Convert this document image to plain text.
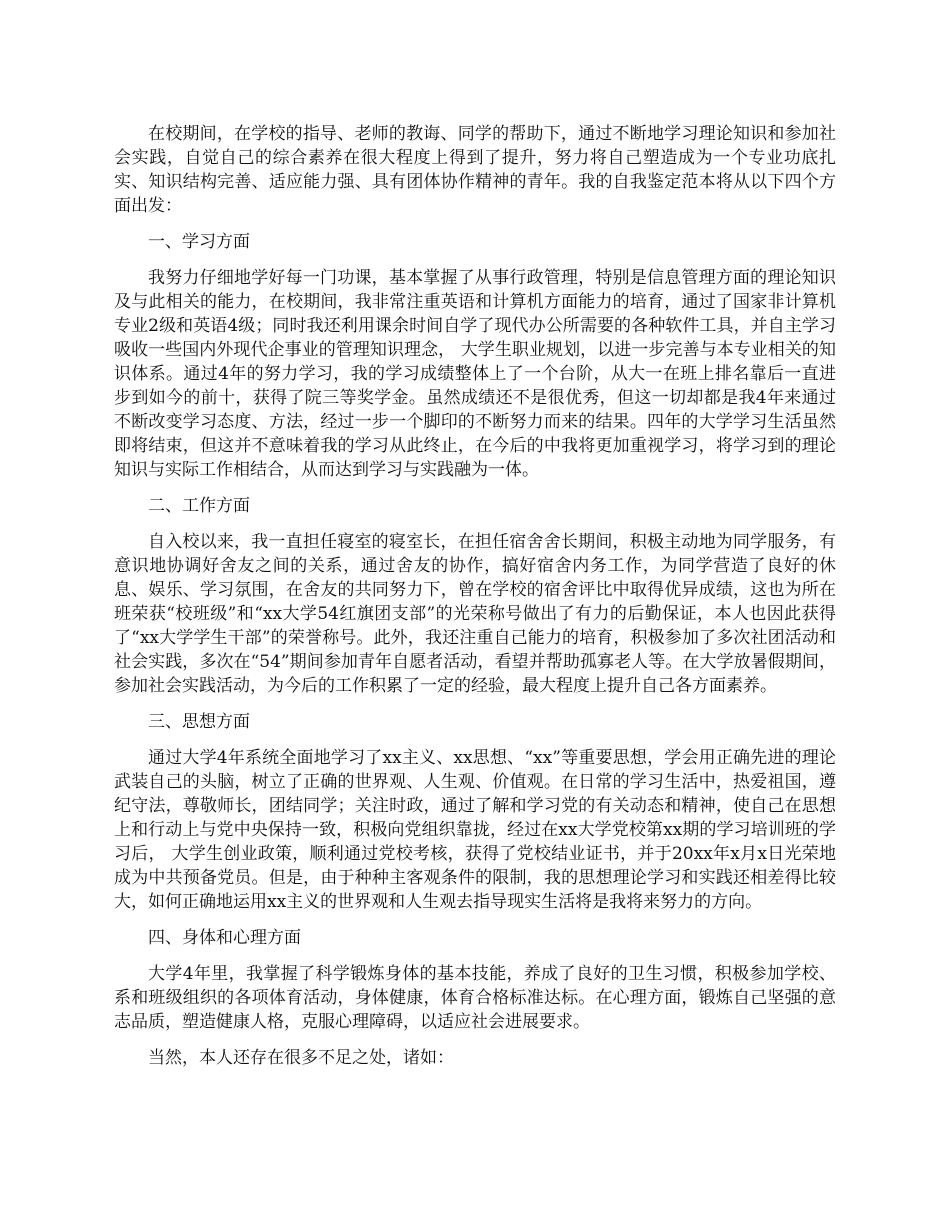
在校期间，在学校的指导、老师的教诲、同学的帮助下，通过不断地学习理论知识和参加社会实践，自觉自己的综合素养在很大程度上得到了提升，努力将自己塑造成为一个专业功底扎实、知识结构完善、适应能力强、具有团体协作精神的青年。我的自我鉴定范本将从以下四个方面出发：

一、学习方面

我努力仔细地学好每一门功课，基本掌握了从事行政管理，特别是信息管理方面的理论知识及与此相关的能力，在校期间，我非常注重英语和计算机方面能力的培育，通过了国家非计算机专业2级和英语4级；同时我还利用课余时间自学了现代办公所需要的各种软件工具，并自主学习吸收一些国内外现代企事业的管理知识理念， 大学生职业规划，以进一步完善与本专业相关的知识体系。通过4年的努力学习，我的学习成绩整体上了一个台阶，从大一在班上排名靠后一直进步到如今的前十，获得了院三等奖学金。虽然成绩还不是很优秀，但这一切却都是我4年来通过不断改变学习态度、方法，经过一步一个脚印的不断努力而来的结果。四年的大学学习生活虽然即将结束，但这并不意味着我的学习从此终止，在今后的中我将更加重视学习，将学习到的理论知识与实际工作相结合，从而达到学习与实践融为一体。

二、工作方面

自入校以来，我一直担任寝室的寝室长，在担任宿舍舍长期间，积极主动地为同学服务，有意识地协调好舍友之间的关系，通过舍友的协作，搞好宿舍内务工作，为同学营造了良好的休息、娱乐、学习氛围，在舍友的共同努力下，曾在学校的宿舍评比中取得优异成绩，这也为所在班荣获“校班级”和“xx大学54红旗团支部”的光荣称号做出了有力的后勤保证，本人也因此获得了“xx大学学生干部”的荣誉称号。此外，我还注重自己能力的培育，积极参加了多次社团活动和社会实践，多次在“54”期间参加青年自愿者活动，看望并帮助孤寡老人等。在大学放暑假期间，参加社会实践活动，为今后的工作积累了一定的经验，最大程度上提升自己各方面素养。

三、思想方面

通过大学4年系统全面地学习了xx主义、xx思想、“xx”等重要思想，学会用正确先进的理论武装自己的头脑，树立了正确的世界观、人生观、价值观。在日常的学习生活中，热爱祖国，遵纪守法，尊敬师长，团结同学；关注时政，通过了解和学习党的有关动态和精神，使自己在思想上和行动上与党中央保持一致，积极向党组织靠拢，经过在xx大学党校第xx期的学习培训班的学习后， 大学生创业政策，顺利通过党校考核，获得了党校结业证书，并于20xx年x月x日光荣地成为中共预备党员。但是，由于种种主客观条件的限制，我的思想理论学习和实践还相差得比较大，如何正确地运用xx主义的世界观和人生观去指导现实生活将是我将来努力的方向。

四、身体和心理方面

大学4年里，我掌握了科学锻炼身体的基本技能，养成了良好的卫生习惯，积极参加学校、系和班级组织的各项体育活动，身体健康，体育合格标准达标。在心理方面，锻炼自己坚强的意志品质，塑造健康人格，克服心理障碍，以适应社会进展要求。

当然，本人还存在很多不足之处，诸如：
